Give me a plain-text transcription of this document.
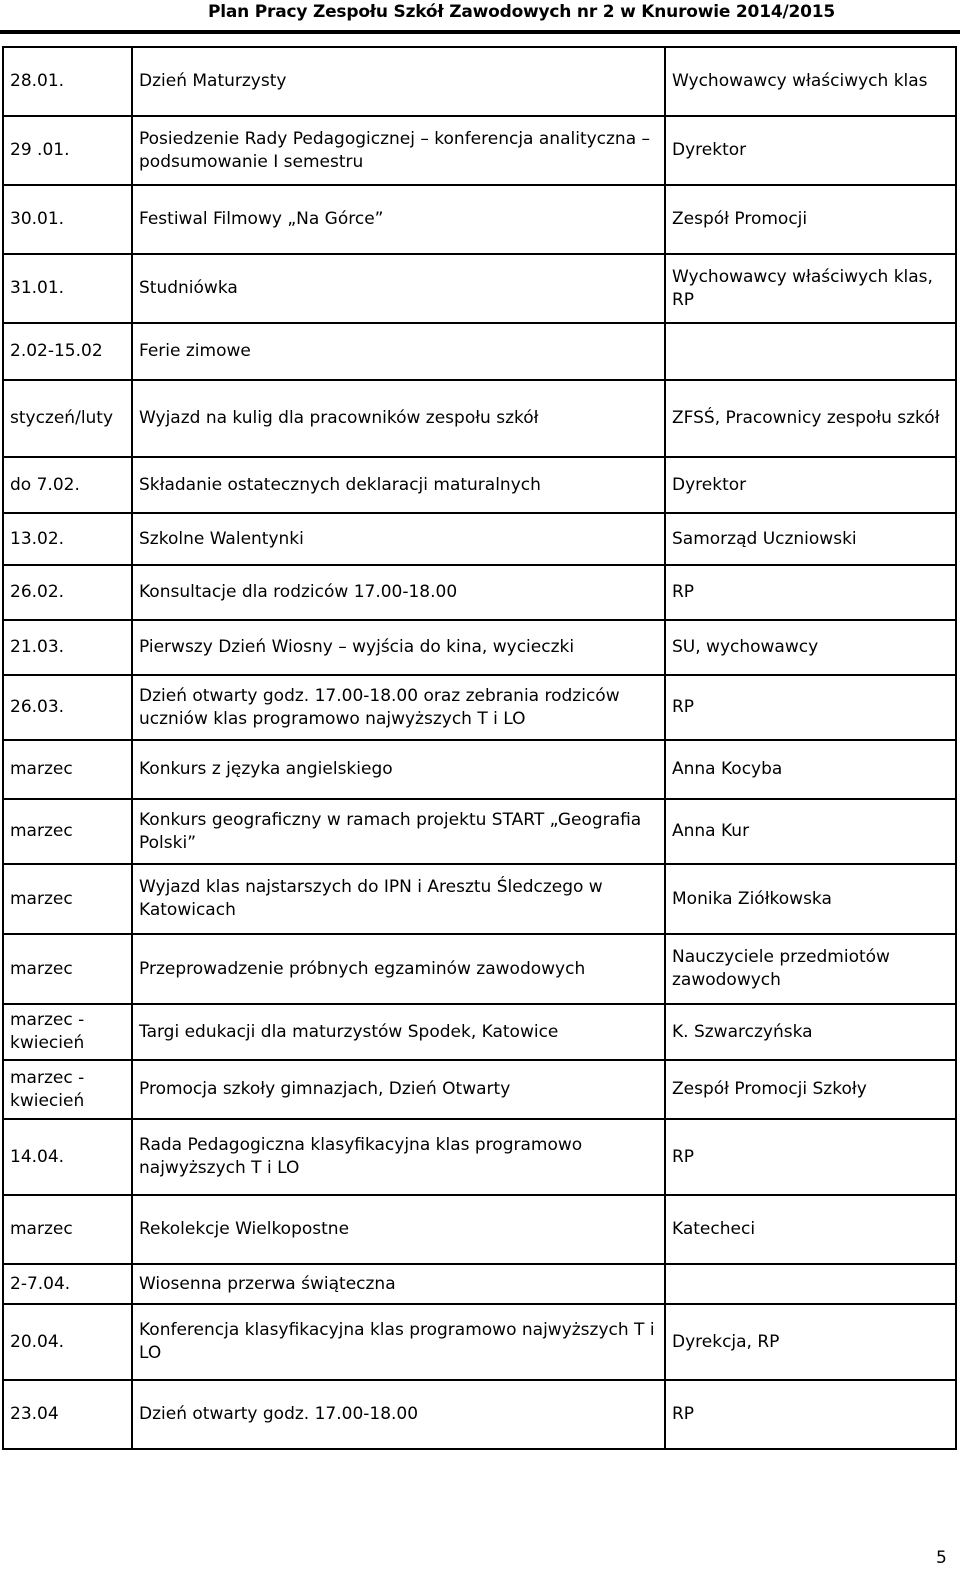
Plan Pracy Zespołu Szkół Zawodowych nr 2 w Knurowie 2014/2015
28.01.	Dzień Maturzysty	Wychowawcy właściwych klas
29 .01.	Posiedzenie Rady Pedagogicznej – konferencja analityczna – podsumowanie I semestru	Dyrektor
30.01.	Festiwal Filmowy „Na Górce”	Zespół Promocji
31.01.	Studniówka	Wychowawcy właściwych klas, RP
2.02-15.02	Ferie zimowe	
styczeń/luty	Wyjazd na kulig dla pracowników zespołu szkół	ZFSŚ, Pracownicy zespołu szkół
do 7.02.	Składanie ostatecznych deklaracji maturalnych	Dyrektor
13.02.	Szkolne Walentynki	Samorząd Uczniowski
26.02.	Konsultacje dla rodziców 17.00-18.00	RP
21.03.	Pierwszy Dzień Wiosny – wyjścia do kina, wycieczki	SU, wychowawcy
26.03.	Dzień otwarty godz. 17.00-18.00 oraz zebrania rodziców uczniów klas programowo najwyższych T i LO	RP
marzec	Konkurs z języka angielskiego	Anna Kocyba
marzec	Konkurs geograficzny w ramach projektu START „Geografia Polski”	Anna Kur
marzec	Wyjazd klas najstarszych do IPN i Aresztu Śledczego w Katowicach	Monika Ziółkowska
marzec	Przeprowadzenie próbnych egzaminów zawodowych	Nauczyciele przedmiotów zawodowych
marzec - kwiecień	Targi edukacji dla maturzystów Spodek, Katowice	K. Szwarczyńska
marzec - kwiecień	Promocja szkoły gimnazjach, Dzień Otwarty	Zespół Promocji Szkoły
14.04.	Rada Pedagogiczna klasyfikacyjna klas programowo najwyższych T i LO	RP
marzec	Rekolekcje Wielkopostne	Katecheci
2-7.04.	Wiosenna przerwa świąteczna	
20.04.	Konferencja klasyfikacyjna klas programowo najwyższych T i LO	Dyrekcja, RP
23.04	Dzień otwarty godz. 17.00-18.00	RP
5
